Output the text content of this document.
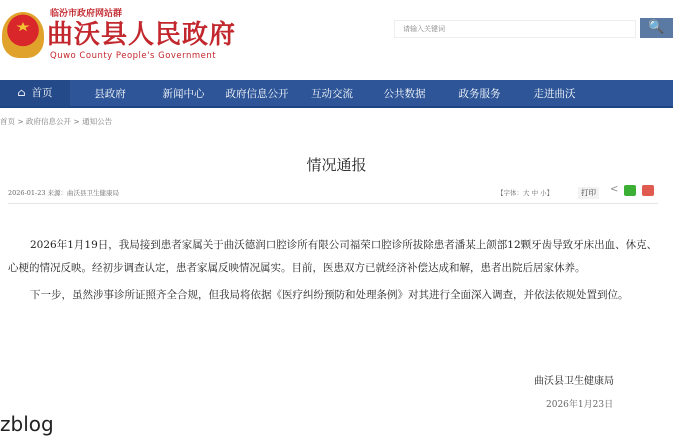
临汾市政府网站群
曲沃县人民政府
Quwo County People's Government
请输入关键词	🔍
⌂ 首页	县政府	新闻中心	政府信息公开	互动交流	公共数据	政务服务	走进曲沃
首页 > 政府信息公开 > 通知公告
情况通报
2026-01-23 来源：曲沃县卫生健康局	【字体：大 中 小】	打印	<

2026年1月19日，我局接到患者家属关于曲沃德润口腔诊所有限公司福荣口腔诊所拔除患者潘某上颌部12颗牙齿导致牙床出血、休克、心梗的情况反映。经初步调查认定，患者家属反映情况属实。目前，医患双方已就经济补偿达成和解，患者出院后居家休养。

下一步，虽然涉事诊所证照齐全合规，但我局将依据《医疗纠纷预防和处理条例》对其进行全面深入调查，并依法依规处置到位。

曲沃县卫生健康局
2026年1月23日
zblog
